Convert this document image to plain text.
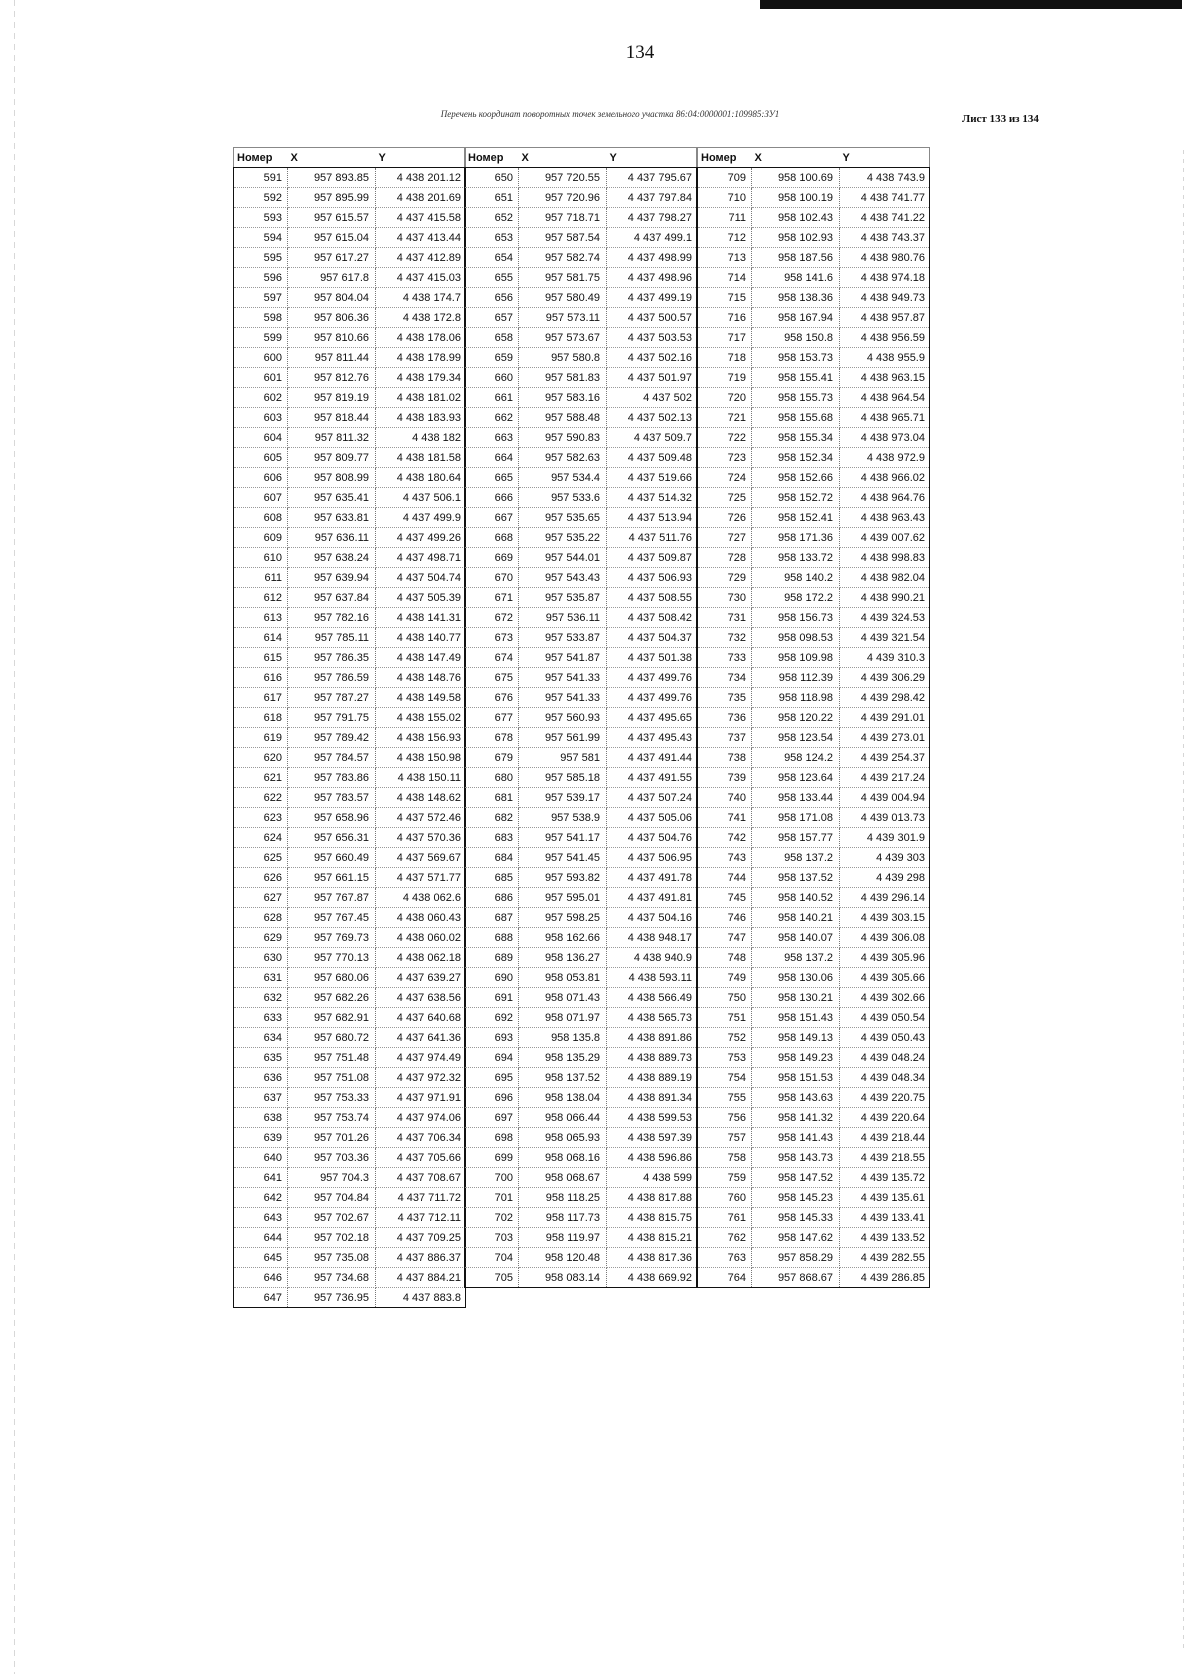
134
Перечень координат поворотных точек земельного участка 86:04:0000001:109985:ЗУ1	Лист 133 из 134
Номер	X	Y
591	957 893.85	4 438 201.12
592	957 895.99	4 438 201.69
593	957 615.57	4 437 415.58
594	957 615.04	4 437 413.44
595	957 617.27	4 437 412.89
596	957 617.8	4 437 415.03
597	957 804.04	4 438 174.7
598	957 806.36	4 438 172.8
599	957 810.66	4 438 178.06
600	957 811.44	4 438 178.99
601	957 812.76	4 438 179.34
602	957 819.19	4 438 181.02
603	957 818.44	4 438 183.93
604	957 811.32	4 438 182
605	957 809.77	4 438 181.58
606	957 808.99	4 438 180.64
607	957 635.41	4 437 506.1
608	957 633.81	4 437 499.9
609	957 636.11	4 437 499.26
610	957 638.24	4 437 498.71
611	957 639.94	4 437 504.74
612	957 637.84	4 437 505.39
613	957 782.16	4 438 141.31
614	957 785.11	4 438 140.77
615	957 786.35	4 438 147.49
616	957 786.59	4 438 148.76
617	957 787.27	4 438 149.58
618	957 791.75	4 438 155.02
619	957 789.42	4 438 156.93
620	957 784.57	4 438 150.98
621	957 783.86	4 438 150.11
622	957 783.57	4 438 148.62
623	957 658.96	4 437 572.46
624	957 656.31	4 437 570.36
625	957 660.49	4 437 569.67
626	957 661.15	4 437 571.77
627	957 767.87	4 438 062.6
628	957 767.45	4 438 060.43
629	957 769.73	4 438 060.02
630	957 770.13	4 438 062.18
631	957 680.06	4 437 639.27
632	957 682.26	4 437 638.56
633	957 682.91	4 437 640.68
634	957 680.72	4 437 641.36
635	957 751.48	4 437 974.49
636	957 751.08	4 437 972.32
637	957 753.33	4 437 971.91
638	957 753.74	4 437 974.06
639	957 701.26	4 437 706.34
640	957 703.36	4 437 705.66
641	957 704.3	4 437 708.67
642	957 704.84	4 437 711.72
643	957 702.67	4 437 712.11
644	957 702.18	4 437 709.25
645	957 735.08	4 437 886.37
646	957 734.68	4 437 884.21
647	957 736.95	4 437 883.8
Номер	X	Y
650	957 720.55	4 437 795.67
651	957 720.96	4 437 797.84
652	957 718.71	4 437 798.27
653	957 587.54	4 437 499.1
654	957 582.74	4 437 498.99
655	957 581.75	4 437 498.96
656	957 580.49	4 437 499.19
657	957 573.11	4 437 500.57
658	957 573.67	4 437 503.53
659	957 580.8	4 437 502.16
660	957 581.83	4 437 501.97
661	957 583.16	4 437 502
662	957 588.48	4 437 502.13
663	957 590.83	4 437 509.7
664	957 582.63	4 437 509.48
665	957 534.4	4 437 519.66
666	957 533.6	4 437 514.32
667	957 535.65	4 437 513.94
668	957 535.22	4 437 511.76
669	957 544.01	4 437 509.87
670	957 543.43	4 437 506.93
671	957 535.87	4 437 508.55
672	957 536.11	4 437 508.42
673	957 533.87	4 437 504.37
674	957 541.87	4 437 501.38
675	957 541.33	4 437 499.76
676	957 541.33	4 437 499.76
677	957 560.93	4 437 495.65
678	957 561.99	4 437 495.43
679	957 581	4 437 491.44
680	957 585.18	4 437 491.55
681	957 539.17	4 437 507.24
682	957 538.9	4 437 505.06
683	957 541.17	4 437 504.76
684	957 541.45	4 437 506.95
685	957 593.82	4 437 491.78
686	957 595.01	4 437 491.81
687	957 598.25	4 437 504.16
688	958 162.66	4 438 948.17
689	958 136.27	4 438 940.9
690	958 053.81	4 438 593.11
691	958 071.43	4 438 566.49
692	958 071.97	4 438 565.73
693	958 135.8	4 438 891.86
694	958 135.29	4 438 889.73
695	958 137.52	4 438 889.19
696	958 138.04	4 438 891.34
697	958 066.44	4 438 599.53
698	958 065.93	4 438 597.39
699	958 068.16	4 438 596.86
700	958 068.67	4 438 599
701	958 118.25	4 438 817.88
702	958 117.73	4 438 815.75
703	958 119.97	4 438 815.21
704	958 120.48	4 438 817.36
705	958 083.14	4 438 669.92
Номер	X	Y
709	958 100.69	4 438 743.9
710	958 100.19	4 438 741.77
711	958 102.43	4 438 741.22
712	958 102.93	4 438 743.37
713	958 187.56	4 438 980.76
714	958 141.6	4 438 974.18
715	958 138.36	4 438 949.73
716	958 167.94	4 438 957.87
717	958 150.8	4 438 956.59
718	958 153.73	4 438 955.9
719	958 155.41	4 438 963.15
720	958 155.73	4 438 964.54
721	958 155.68	4 438 965.71
722	958 155.34	4 438 973.04
723	958 152.34	4 438 972.9
724	958 152.66	4 438 966.02
725	958 152.72	4 438 964.76
726	958 152.41	4 438 963.43
727	958 171.36	4 439 007.62
728	958 133.72	4 438 998.83
729	958 140.2	4 438 982.04
730	958 172.2	4 438 990.21
731	958 156.73	4 439 324.53
732	958 098.53	4 439 321.54
733	958 109.98	4 439 310.3
734	958 112.39	4 439 306.29
735	958 118.98	4 439 298.42
736	958 120.22	4 439 291.01
737	958 123.54	4 439 273.01
738	958 124.2	4 439 254.37
739	958 123.64	4 439 217.24
740	958 133.44	4 439 004.94
741	958 171.08	4 439 013.73
742	958 157.77	4 439 301.9
743	958 137.2	4 439 303
744	958 137.52	4 439 298
745	958 140.52	4 439 296.14
746	958 140.21	4 439 303.15
747	958 140.07	4 439 306.08
748	958 137.2	4 439 305.96
749	958 130.06	4 439 305.66
750	958 130.21	4 439 302.66
751	958 151.43	4 439 050.54
752	958 149.13	4 439 050.43
753	958 149.23	4 439 048.24
754	958 151.53	4 439 048.34
755	958 143.63	4 439 220.75
756	958 141.32	4 439 220.64
757	958 141.43	4 439 218.44
758	958 143.73	4 439 218.55
759	958 147.52	4 439 135.72
760	958 145.23	4 439 135.61
761	958 145.33	4 439 133.41
762	958 147.62	4 439 133.52
763	957 858.29	4 439 282.55
764	957 868.67	4 439 286.85
